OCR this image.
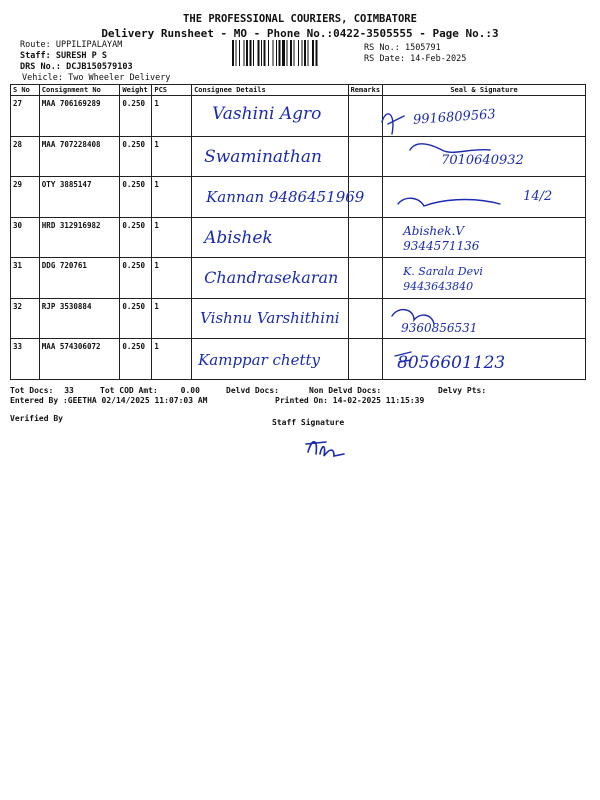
THE PROFESSIONAL COURIERS, COIMBATORE
Delivery Runsheet - MO - Phone No.:0422-3505555 - Page No.:3
Route: UPPILIPALAYAM
Staff: SURESH P S
DRS No.: DCJB150579103
Vehicle: Two Wheeler Delivery
RS No.: 1505791
RS Date: 14-Feb-2025
S No	Consignment No	Weight	PCS	Consignee Details	Remarks	Seal & Signature
27	MAA 706169289	0.250	1	Vashini Agro		9916809563

28	MAA 707228408	0.250	1	Swaminathan		7010640932

29	OTY 3885147	0.250	1	Kannan 9486451969		14/2

30	HRD 312916982	0.250	1	Abishek		Abishek.V 9344571136

31	DDG 720761	0.250	1	Chandrasekaran		K. Sarala Devi 9443643840

32	RJP 3530884	0.250	1	Vishnu Varshithini		9360856531

33	MAA 574306072	0.250	1	Kamppar chetty		8056601123
Tot Docs: 33	Tot COD Amt:	0.00	Delvd Docs:	Non Delvd Docs:	Delvy Pts:
Entered By :GEETHA 02/14/2025 11:07:03 AM	Printed On: 14-02-2025 11:15:39
Verified By	Staff Signature
